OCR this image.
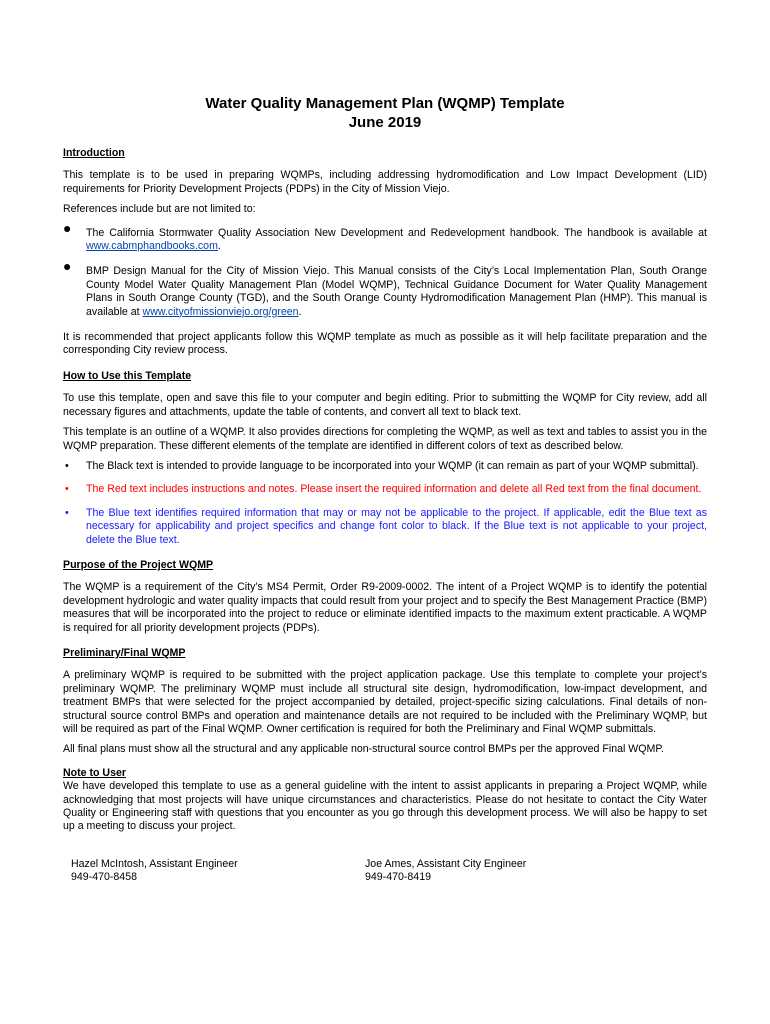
Water Quality Management Plan (WQMP) Template
June 2019
Introduction

This template is to be used in preparing WQMPs, including addressing hydromodification and Low Impact Development (LID) requirements for Priority Development Projects (PDPs) in the City of Mission Viejo.

References include but are not limited to:

● The California Stormwater Quality Association New Development and Redevelopment handbook. The handbook is available at www.cabmphandbooks.com.
● BMP Design Manual for the City of Mission Viejo. This Manual consists of the City’s Local Implementation Plan, South Orange County Model Water Quality Management Plan (Model WQMP), Technical Guidance Document for Water Quality Management Plans in South Orange County (TGD), and the South Orange County Hydromodification Management Plan (HMP). This manual is available at www.cityofmissionviejo.org/green.

It is recommended that project applicants follow this WQMP template as much as possible as it will help facilitate preparation and the corresponding City review process.

How to Use this Template

To use this template, open and save this file to your computer and begin editing. Prior to submitting the WQMP for City review, add all necessary figures and attachments, update the table of contents, and convert all text to black text.

This template is an outline of a WQMP. It also provides directions for completing the WQMP, as well as text and tables to assist you in the WQMP preparation. These different elements of the template are identified in different colors of text as described below.

• The Black text is intended to provide language to be incorporated into your WQMP (it can remain as part of your WQMP submittal).
• The Red text includes instructions and notes. Please insert the required information and delete all Red text from the final document.
• The Blue text identifies required information that may or may not be applicable to the project. If applicable, edit the Blue text as necessary for applicability and project specifics and change font color to black. If the Blue text is not applicable to your project, delete the Blue text.
Purpose of the Project WQMP

The WQMP is a requirement of the City’s MS4 Permit, Order R9-2009-0002. The intent of a Project WQMP is to identify the potential development hydrologic and water quality impacts that could result from your project and to specify the Best Management Practice (BMP) measures that will be incorporated into the project to reduce or eliminate identified impacts to the maximum extent practicable. A WQMP is required for all priority development projects (PDPs).

Preliminary/Final WQMP

A preliminary WQMP is required to be submitted with the project application package. Use this template to complete your project’s preliminary WQMP. The preliminary WQMP must include all structural site design, hydromodification, low-impact development, and treatment BMPs that were selected for the project accompanied by detailed, project-specific sizing calculations. Final details of non-structural source control BMPs and operation and maintenance details are not required to be included with the Preliminary WQMP, but will be required as part of the Final WQMP. Owner certification is required for both the Preliminary and Final WQMP submittals.

All final plans must show all the structural and any applicable non-structural source control BMPs per the approved Final WQMP.

Note to User

We have developed this template to use as a general guideline with the intent to assist applicants in preparing a Project WQMP, while acknowledging that most projects will have unique circumstances and characteristics. Please do not hesitate to contact the City Water Quality or Engineering staff with questions that you encounter as you go through this development process. We will also be happy to set up a meeting to discuss your project.

Hazel McIntosh, Assistant Engineer
949-470-8458
Joe Ames, Assistant City Engineer
949-470-8419
